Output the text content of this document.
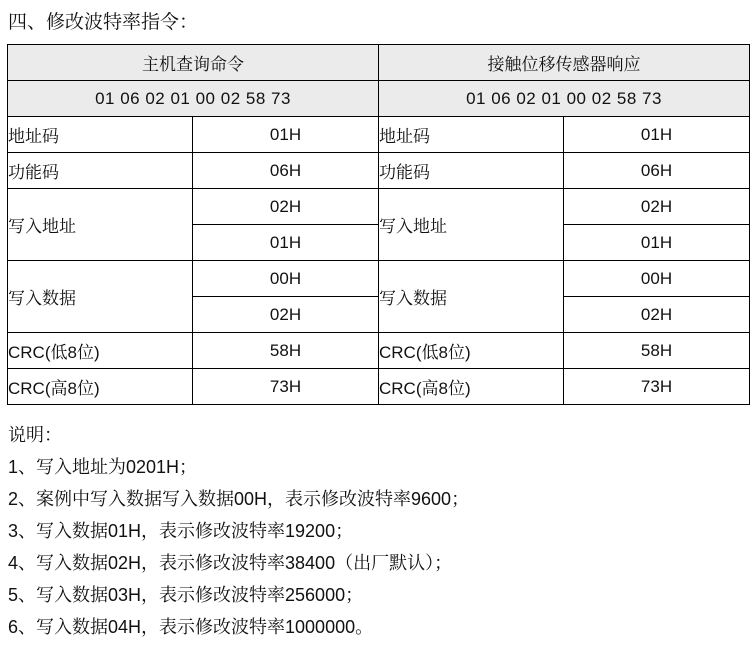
四、修改波特率指令：
主机查询命令		接触位移传感器响应	
01 06 02 01 00 02 58 73		01 06 02 01 00 02 58 73	
地址码	01H	地址码	01H
功能码	06H	功能码	06H
写入地址	02H	写入地址	02H
	01H		01H
写入数据	00H	写入数据	00H
	02H		02H
CRC(低8位)	58H	CRC(低8位)	58H
CRC(高8位)	73H	CRC(高8位)	73H
说明：
1、写入地址为0201H；
2、案例中写入数据写入数据00H，表示修改波特率9600；
3、写入数据01H，表示修改波特率19200；
4、写入数据02H，表示修改波特率38400（出厂默认）；
5、写入数据03H，表示修改波特率256000；
6、写入数据04H，表示修改波特率1000000。
